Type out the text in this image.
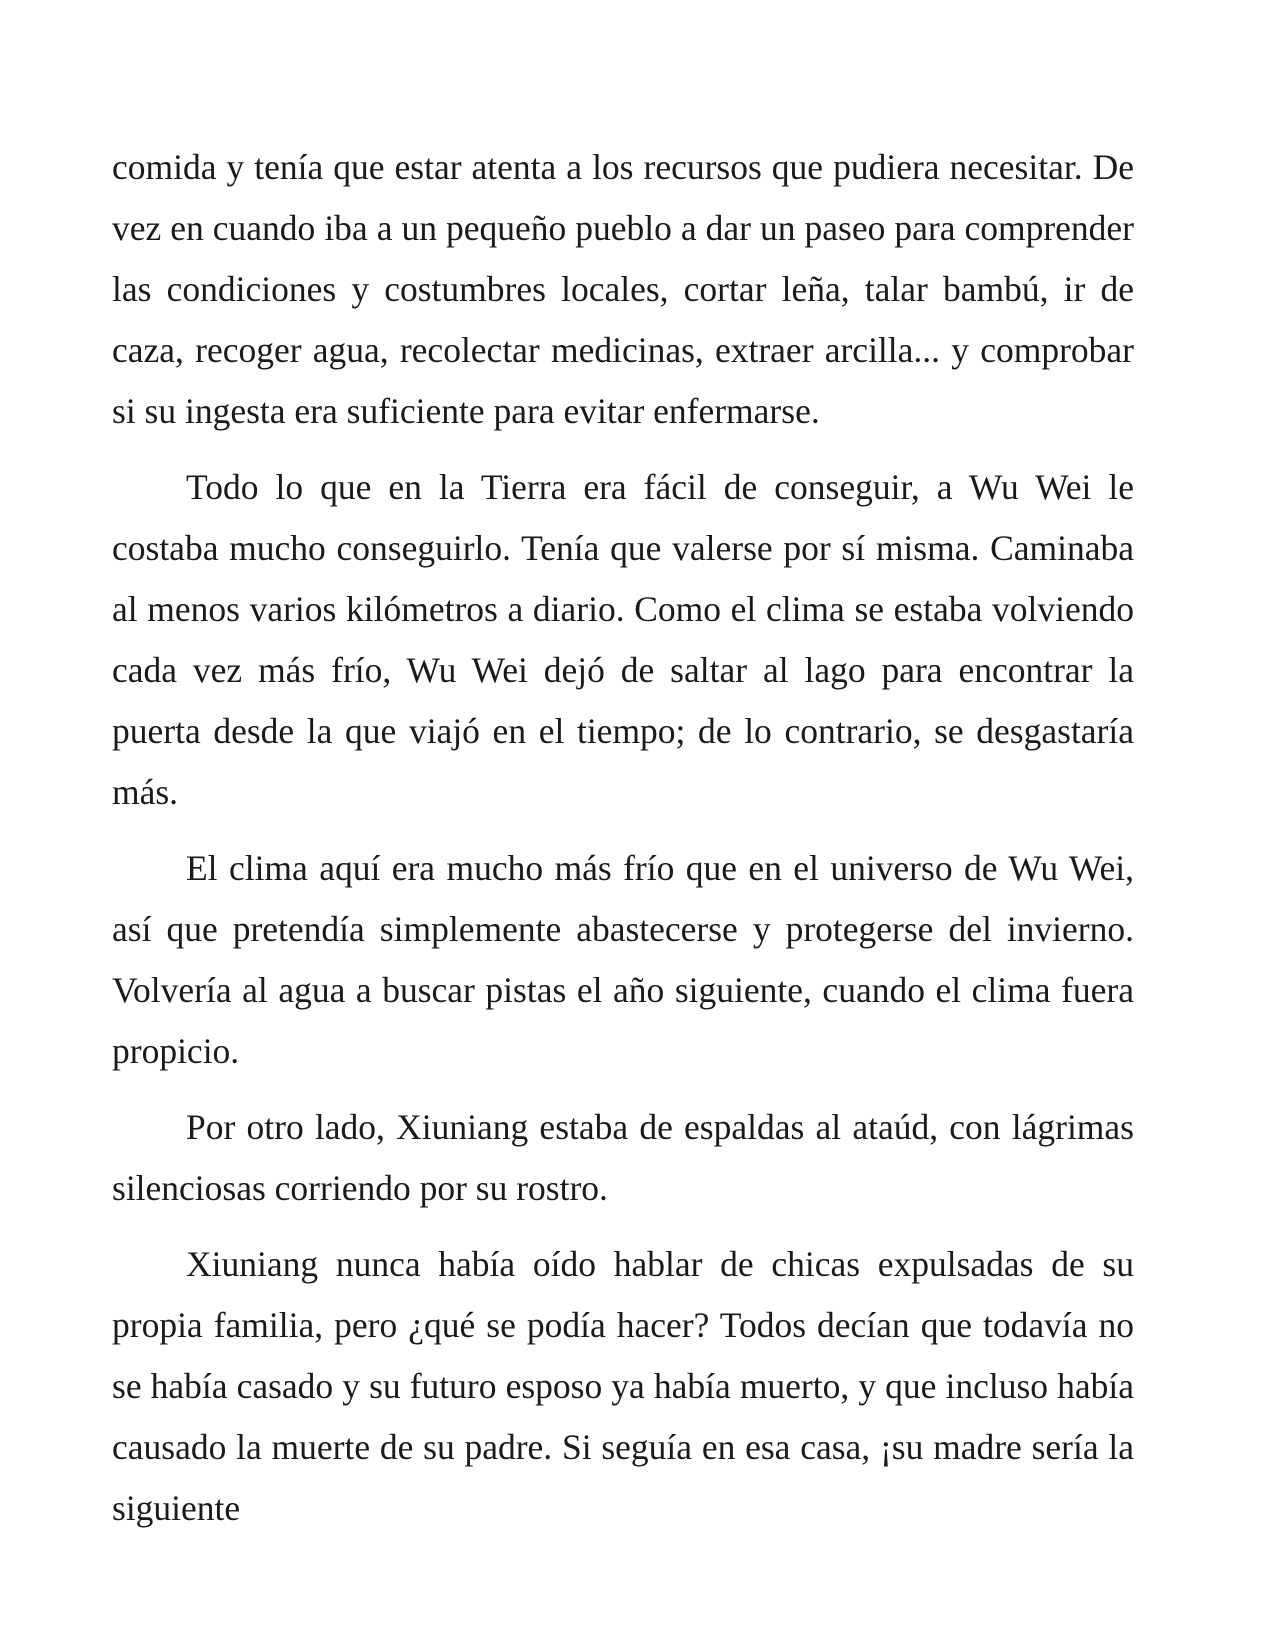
comida y tenía que estar atenta a los recursos que pudiera necesitar. De vez en cuando iba a un pequeño pueblo a dar un paseo para comprender las condiciones y costumbres locales, cortar leña, talar bambú, ir de caza, recoger agua, recolectar medicinas, extraer arcilla... y comprobar si su ingesta era suficiente para evitar enfermarse.

Todo lo que en la Tierra era fácil de conseguir, a Wu Wei le costaba mucho conseguirlo. Tenía que valerse por sí misma. Caminaba al menos varios kilómetros a diario. Como el clima se estaba volviendo cada vez más frío, Wu Wei dejó de saltar al lago para encontrar la puerta desde la que viajó en el tiempo; de lo contrario, se desgastaría más.

El clima aquí era mucho más frío que en el universo de Wu Wei, así que pretendía simplemente abastecerse y protegerse del invierno. Volvería al agua a buscar pistas el año siguiente, cuando el clima fuera propicio.

Por otro lado, Xiuniang estaba de espaldas al ataúd, con lágrimas silenciosas corriendo por su rostro.

Xiuniang nunca había oído hablar de chicas expulsadas de su propia familia, pero ¿qué se podía hacer? Todos decían que todavía no se había casado y su futuro esposo ya había muerto, y que incluso había causado la muerte de su padre. Si seguía en esa casa, ¡su madre sería la siguiente
